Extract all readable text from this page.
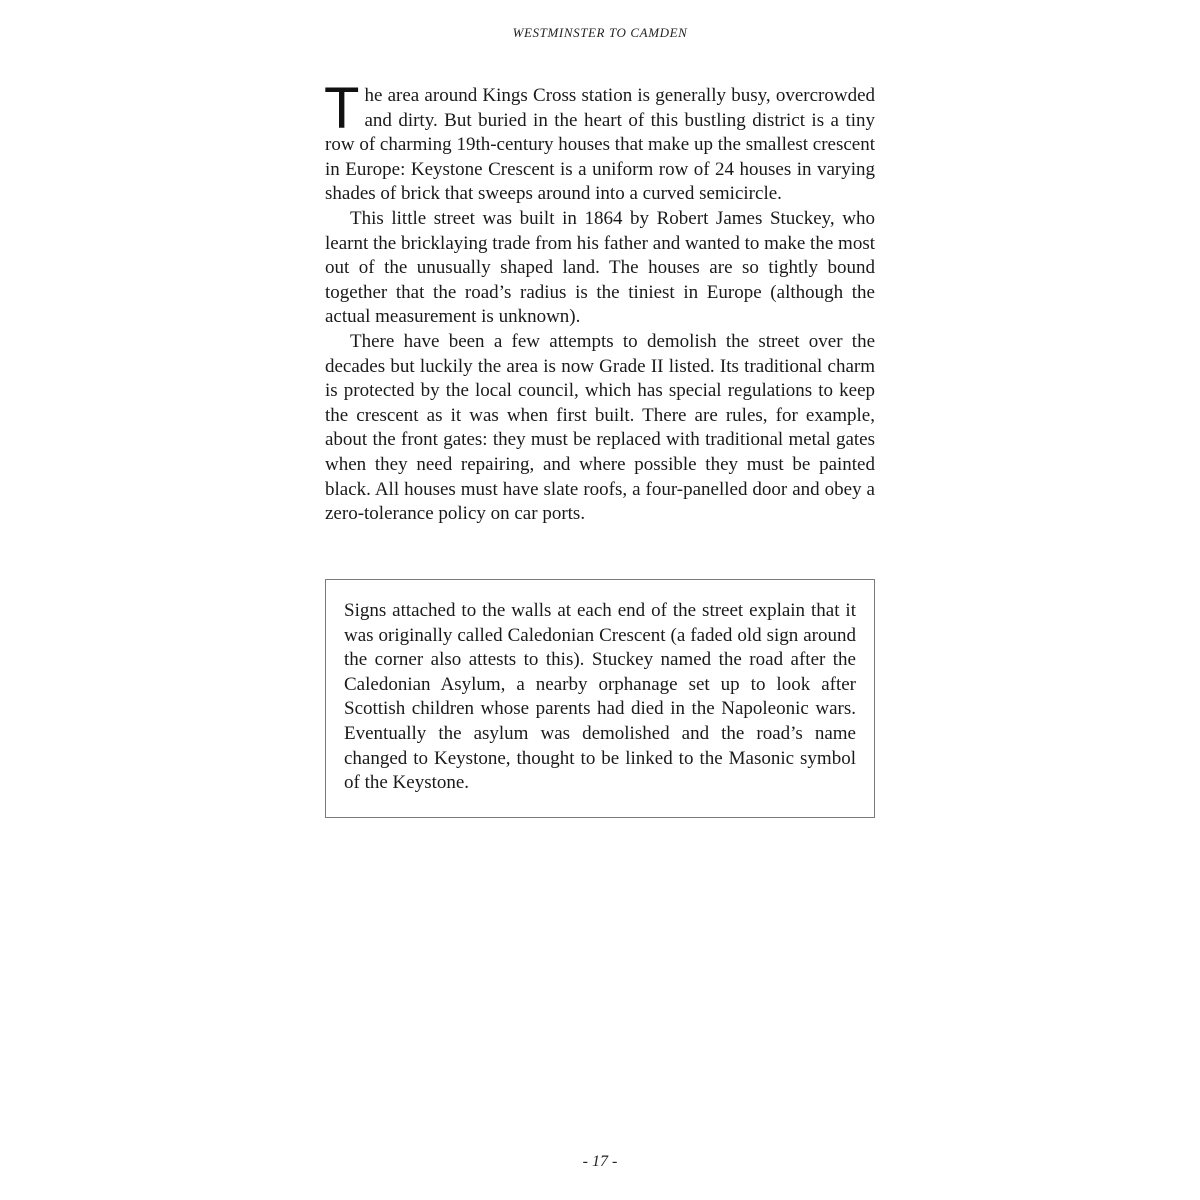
WESTMINSTER TO CAMDEN

The area around Kings Cross station is generally busy, overcrowded and dirty. But buried in the heart of this bustling district is a tiny row of charming 19th-century houses that make up the smallest crescent in Europe: Keystone Crescent is a uniform row of 24 houses in varying shades of brick that sweeps around into a curved semicircle.

This little street was built in 1864 by Robert James Stuckey, who learnt the bricklaying trade from his father and wanted to make the most out of the unusually shaped land. The houses are so tightly bound together that the road’s radius is the tiniest in Europe (although the actual measurement is unknown).

There have been a few attempts to demolish the street over the decades but luckily the area is now Grade II listed. Its traditional charm is protected by the local council, which has special regulations to keep the crescent as it was when first built. There are rules, for example, about the front gates: they must be replaced with traditional metal gates when they need repairing, and where possible they must be painted black. All houses must have slate roofs, a four-panelled door and obey a zero-tolerance policy on car ports.

Signs attached to the walls at each end of the street explain that it was originally called Caledonian Crescent (a faded old sign around the corner also attests to this). Stuckey named the road after the Caledonian Asylum, a nearby orphanage set up to look after Scottish children whose parents had died in the Napoleonic wars. Eventually the asylum was demolished and the road’s name changed to Keystone, thought to be linked to the Masonic symbol of the Keystone.

- 17 -
